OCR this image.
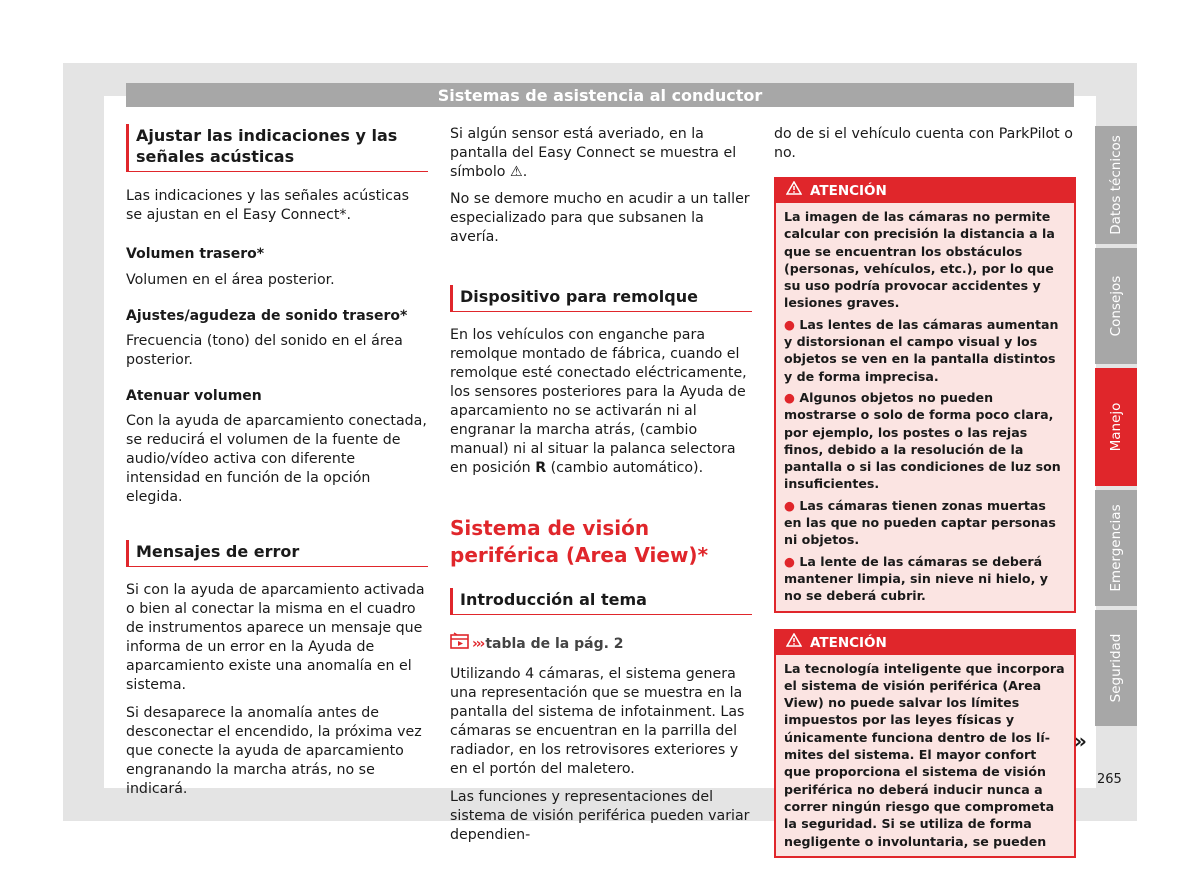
Sistemas de asistencia al conductor
Ajustar las indicaciones y las señales acústicas

Las indicaciones y las señales acústicas se ajustan en el Easy Connect*.

Volumen trasero*

Volumen en el área posterior.

Ajustes/agudeza de sonido trasero*

Frecuencia (tono) del sonido en el área posterior.

Atenuar volumen

Con la ayuda de aparcamiento conectada, se reducirá el volumen de la fuente de audio/vídeo activa con diferente intensidad en función de la opción elegida.

Mensajes de error

Si con la ayuda de aparcamiento activada o bien al conectar la misma en el cuadro de instrumentos aparece un mensaje que informa de un error en la Ayuda de aparcamiento existe una anomalía en el sistema.

Si desaparece la anomalía antes de desconectar el encendido, la próxima vez que conecte la ayuda de aparcamiento engranando la marcha atrás, no se indicará.

Si algún sensor está averiado, en la pantalla del Easy Connect se muestra el símbolo ⚠.

No se demore mucho en acudir a un taller especializado para que subsanen la avería.

Dispositivo para remolque

En los vehículos con enganche para remolque montado de fábrica, cuando el remolque esté conectado eléctricamente, los sensores posteriores para la Ayuda de aparcamiento no se activarán ni al engranar la marcha atrás, (cambio manual) ni al situar la palanca selectora en posición R (cambio automático).

Sistema de visión periférica (Area View)*
Introducción al tema
››› tabla de la pág. 2

Utilizando 4 cámaras, el sistema genera una representación que se muestra en la pantalla del sistema de infotainment. Las cámaras se encuentran en la parrilla del radiador, en los retrovisores exteriores y en el portón del maletero.

Las funciones y representaciones del sistema de visión periférica pueden variar dependien-

do de si el vehículo cuenta con ParkPilot o no.

ATENCIÓN

La imagen de las cámaras no permite calcular con precisión la distancia a la que se encuentran los obstáculos (personas, vehículos, etc.), por lo que su uso podría provocar accidentes y lesiones graves.

● Las lentes de las cámaras aumentan y distorsionan el campo visual y los objetos se ven en la pantalla distintos y de forma imprecisa.

● Algunos objetos no pueden mostrarse o solo de forma poco clara, por ejemplo, los postes o las rejas finos, debido a la resolución de la pantalla o si las condiciones de luz son insuficientes.

● Las cámaras tienen zonas muertas en las que no pueden captar personas ni objetos.

● La lente de las cámaras se deberá mantener limpia, sin nieve ni hielo, y no se deberá cubrir.

ATENCIÓN

La tecnología inteligente que incorpora el sistema de visión periférica (Area View) no puede salvar los límites impuestos por las leyes físicas y únicamente funciona dentro de los límites del sistema. El mayor confort que proporciona el sistema de visión periférica no deberá inducir nunca a correr ningún riesgo que comprometa la seguridad. Si se utiliza de forma negligente o involuntaria, se pueden

»
Datos técnicos
Consejos
Manejo
Emergencias
Seguridad
265
